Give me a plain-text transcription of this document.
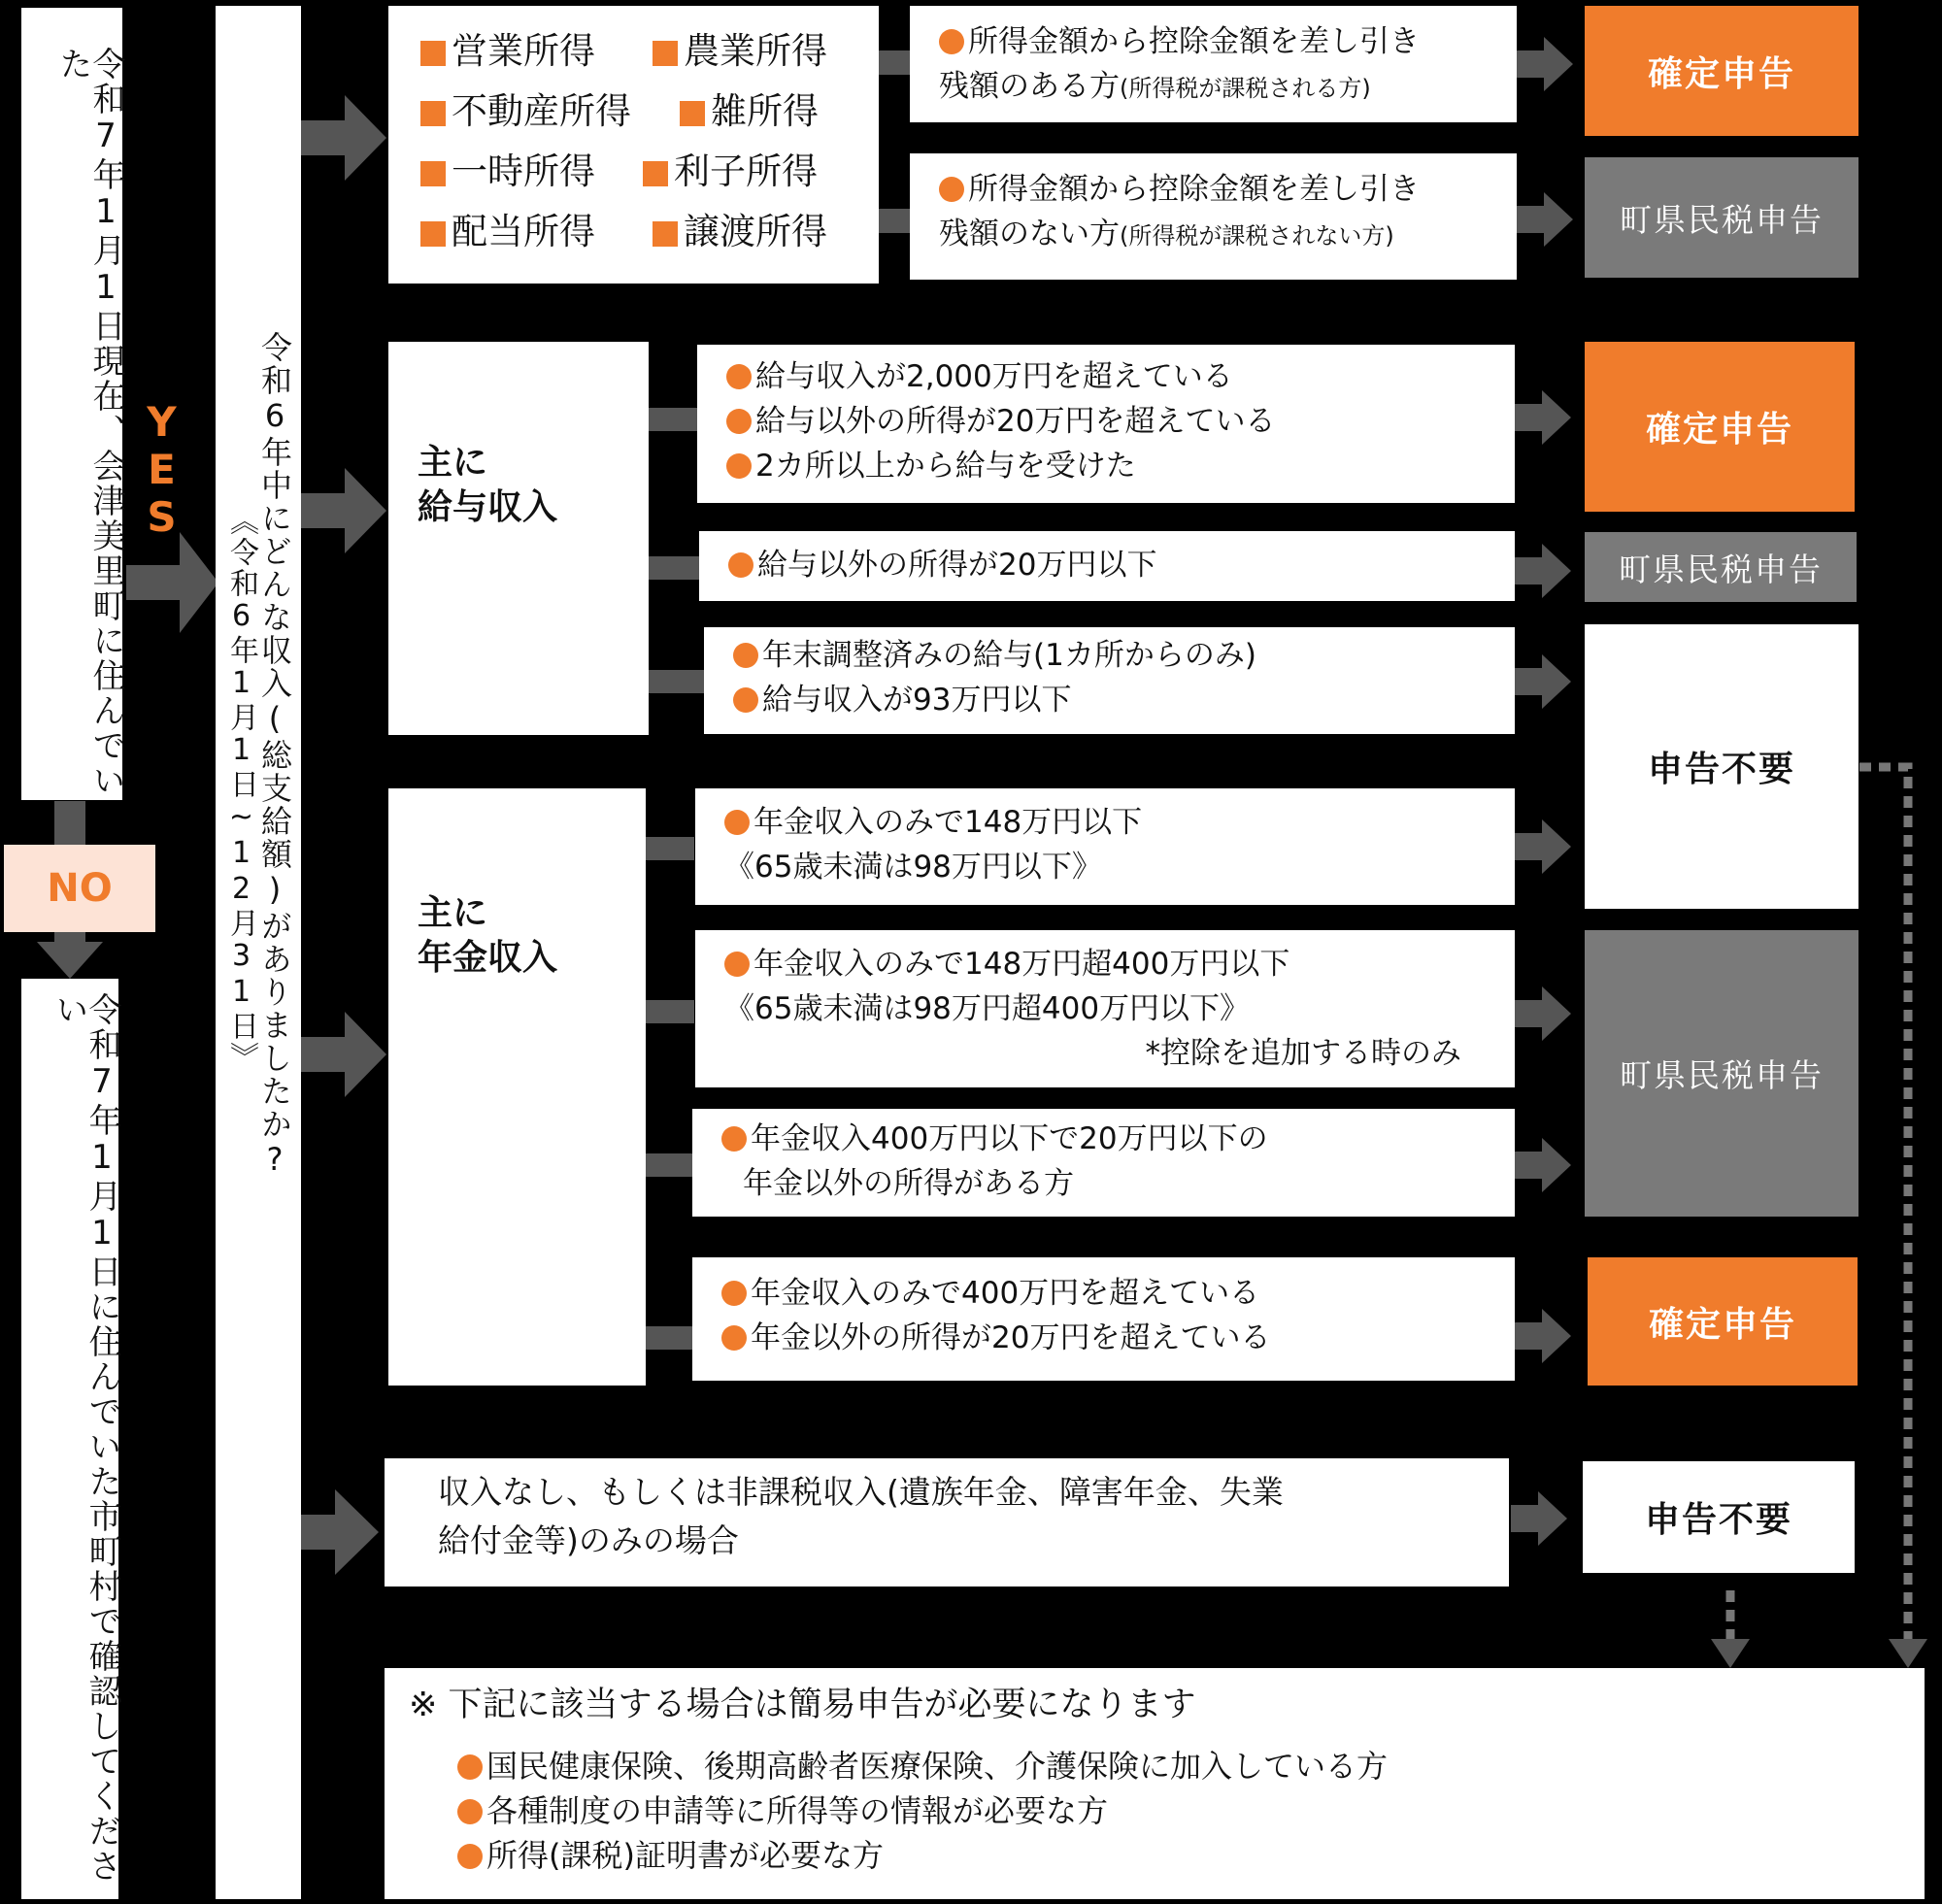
令和7年1月1日現在、会津美里町に住んでいた
YES
NO
令和7年1月1日に住んでいた市町村で確認してください	令和6年中にどんな収入(総支給額)がありましたか?
《令和6年1月1日~12月31日》
営業所得
不動産所得
一時所得
配当所得
農業所得
雑所得
利子所得
譲渡所得
所得金額から控除金額を差し引き
残額のある方(所得税が課税される方)
所得金額から控除金額を差し引き
残額のない方(所得税が課税されない方)
確定申告
町県民税申告

主に
給与収入

給与収入が2,000万円を超えている
給与以外の所得が20万円を超えている
2カ所以上から給与を受けた
給与以外の所得が20万円以下
年末調整済みの給与(1カ所からのみ)
給与収入が93万円以下
確定申告
町県民税申告
申告不要

主に
年金収入

年金収入のみで148万円以下
《65歳未満は98万円以下》
年金収入のみで148万円超400万円以下
《65歳未満は98万円超400万円以下》
*控除を追加する時のみ
年金収入400万円以下で20万円以下の
年金以外の所得がある方
年金収入のみで400万円を超えている
年金以外の所得が20万円を超えている
町県民税申告
確定申告
収入なし、もしくは非課税収入(遺族年金、障害年金、失業
給付金等)のみの場合
申告不要
※ 下記に該当する場合は簡易申告が必要になります
国民健康保険、後期高齢者医療保険、介護保険に加入している方
各種制度の申請等に所得等の情報が必要な方
所得(課税)証明書が必要な方
